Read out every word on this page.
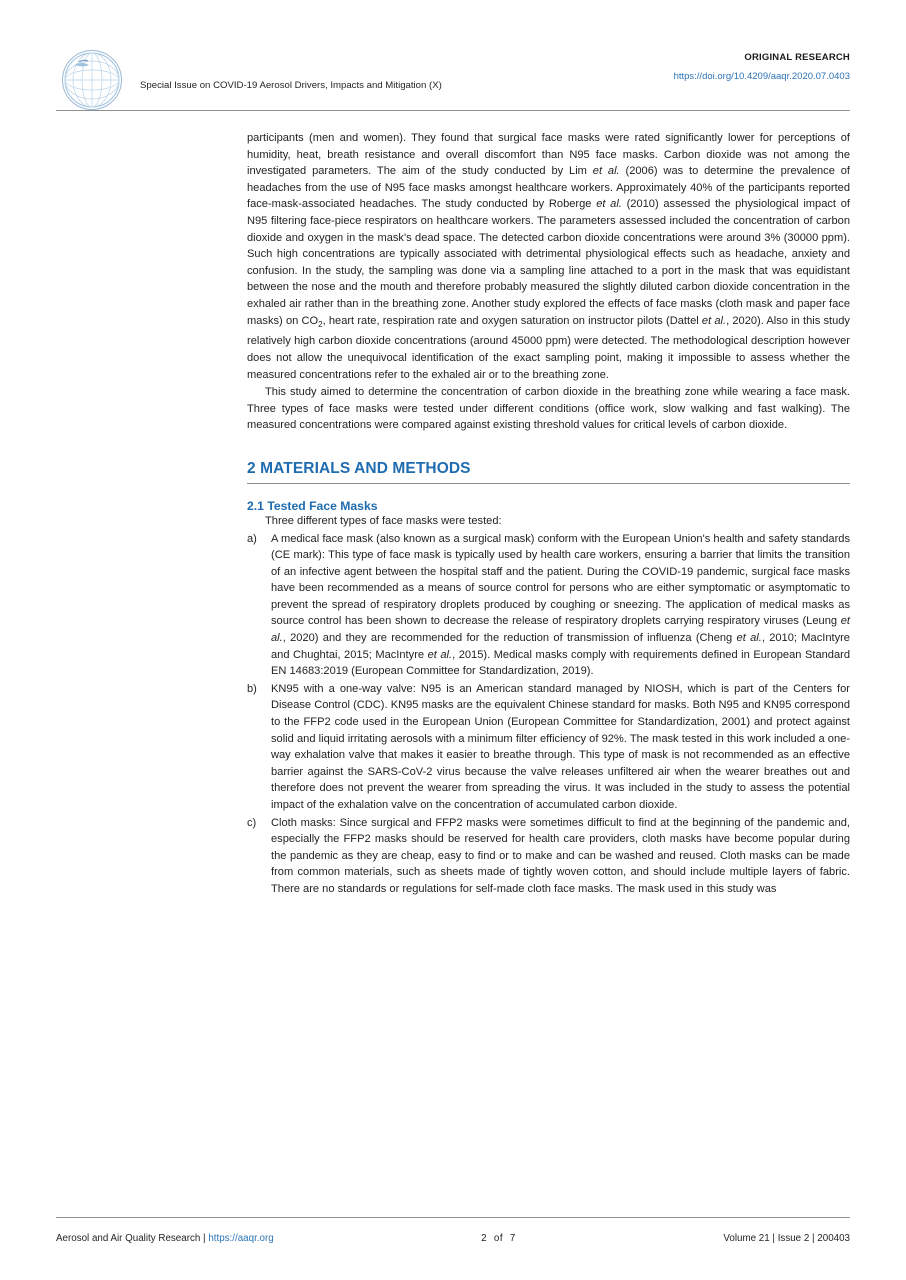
ORIGINAL RESEARCH
https://doi.org/10.4209/aaqr.2020.07.0403
Special Issue on COVID-19 Aerosol Drivers, Impacts and Mitigation (X)

participants (men and women). They found that surgical face masks were rated significantly lower for perceptions of humidity, heat, breath resistance and overall discomfort than N95 face masks. Carbon dioxide was not among the investigated parameters. The aim of the study conducted by Lim et al. (2006) was to determine the prevalence of headaches from the use of N95 face masks amongst healthcare workers. Approximately 40% of the participants reported face-mask-associated headaches. The study conducted by Roberge et al. (2010) assessed the physiological impact of N95 filtering face-piece respirators on healthcare workers. The parameters assessed included the concentration of carbon dioxide and oxygen in the mask's dead space. The detected carbon dioxide concentrations were around 3% (30000 ppm). Such high concentrations are typically associated with detrimental physiological effects such as headache, anxiety and confusion. In the study, the sampling was done via a sampling line attached to a port in the mask that was equidistant between the nose and the mouth and therefore probably measured the slightly diluted carbon dioxide concentration in the exhaled air rather than in the breathing zone. Another study explored the effects of face masks (cloth mask and paper face masks) on $CO_2$, heart rate, respiration rate and oxygen saturation on instructor pilots (Dattel et al., 2020). Also in this study relatively high carbon dioxide concentrations (around 45000 ppm) were detected. The methodological description however does not allow the unequivocal identification of the exact sampling point, making it impossible to assess whether the measured concentrations refer to the exhaled air or to the breathing zone.

This study aimed to determine the concentration of carbon dioxide in the breathing zone while wearing a face mask. Three types of face masks were tested under different conditions (office work, slow walking and fast walking). The measured concentrations were compared against existing threshold values for critical levels of carbon dioxide.

2 MATERIALS AND METHODS
2.1 Tested Face Masks

Three different types of face masks were tested:

a)	A medical face mask (also known as a surgical mask) conform with the European Union's health and safety standards (CE mark): This type of face mask is typically used by health care workers, ensuring a barrier that limits the transition of an infective agent between the hospital staff and the patient. During the COVID-19 pandemic, surgical face masks have been recommended as a means of source control for persons who are either symptomatic or asymptomatic to prevent the spread of respiratory droplets produced by coughing or sneezing. The application of medical masks as source control has been shown to decrease the release of respiratory droplets carrying respiratory viruses (Leung et al., 2020) and they are recommended for the reduction of transmission of influenza (Cheng et al., 2010; MacIntyre and Chughtai, 2015; MacIntyre et al., 2015). Medical masks comply with requirements defined in European Standard EN 14683:2019 (European Committee for Standardization, 2019).
b)	KN95 with a one-way valve: N95 is an American standard managed by NIOSH, which is part of the Centers for Disease Control (CDC). KN95 masks are the equivalent Chinese standard for masks. Both N95 and KN95 correspond to the FFP2 code used in the European Union (European Committee for Standardization, 2001) and protect against solid and liquid irritating aerosols with a minimum filter efficiency of 92%. The mask tested in this work included a one-way exhalation valve that makes it easier to breathe through. This type of mask is not recommended as an effective barrier against the SARS-CoV-2 virus because the valve releases unfiltered air when the wearer breathes out and therefore does not prevent the wearer from spreading the virus. It was included in the study to assess the potential impact of the exhalation valve on the concentration of accumulated carbon dioxide.
c)	Cloth masks: Since surgical and FFP2 masks were sometimes difficult to find at the beginning of the pandemic and, especially the FFP2 masks should be reserved for health care providers, cloth masks have become popular during the pandemic as they are cheap, easy to find or to make and can be washed and reused. Cloth masks can be made from common materials, such as sheets made of tightly woven cotton, and should include multiple layers of fabric. There are no standards or regulations for self-made cloth face masks. The mask used in this study was
Aerosol and Air Quality Research | https://aaqr.org	2 of 7	Volume 21 | Issue 2 | 200403
